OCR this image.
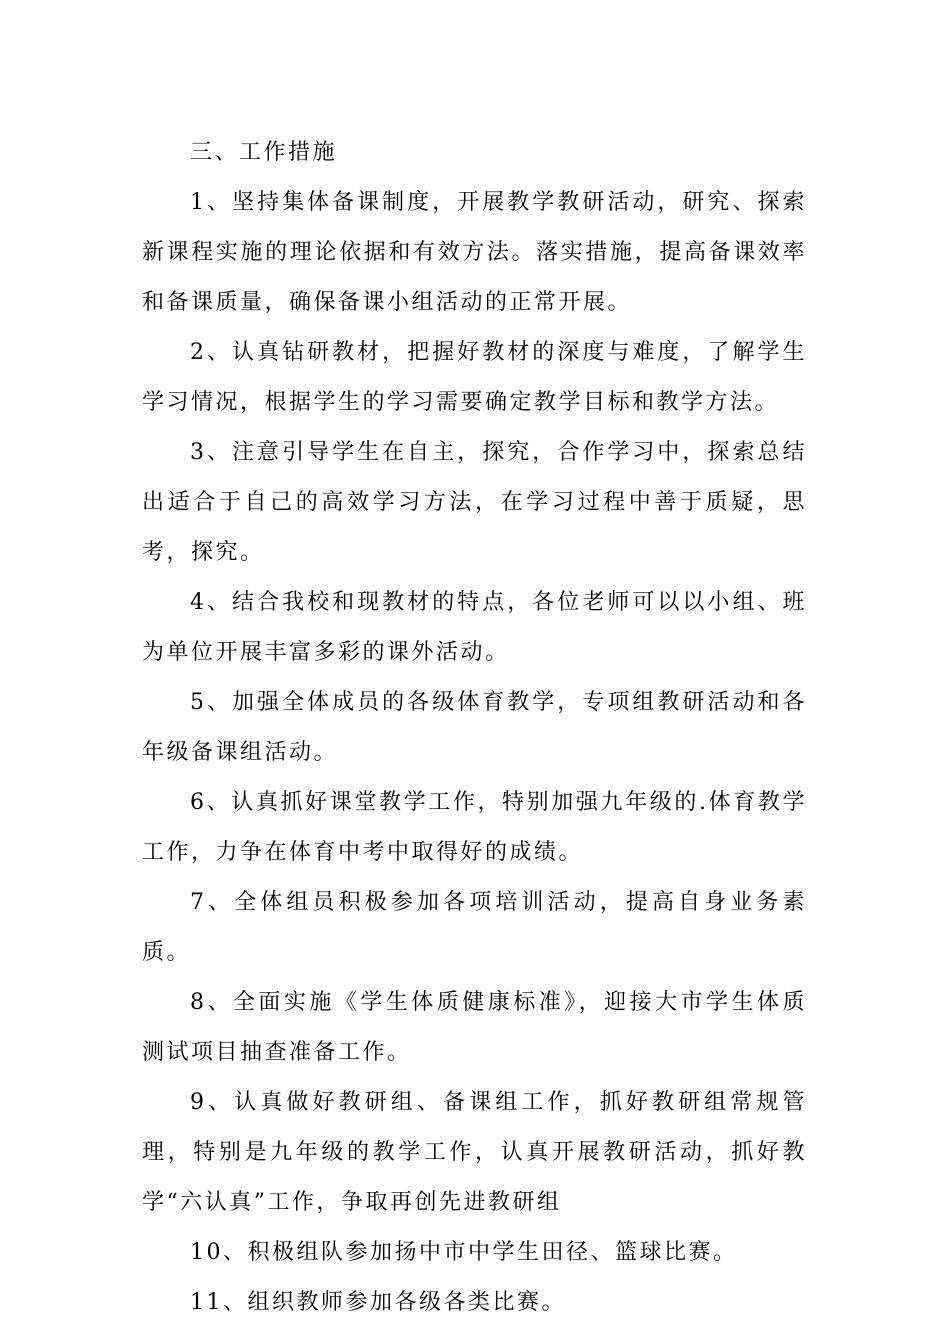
三、工作措施

1、坚持集体备课制度，开展教学教研活动，研究、探索新课程实施的理论依据和有效方法。落实措施，提高备课效率和备课质量，确保备课小组活动的正常开展。

2、认真钻研教材，把握好教材的深度与难度，了解学生学习情况，根据学生的学习需要确定教学目标和教学方法。

3、注意引导学生在自主，探究，合作学习中，探索总结出适合于自己的高效学习方法，在学习过程中善于质疑，思考，探究。

4、结合我校和现教材的特点，各位老师可以以小组、班为单位开展丰富多彩的课外活动。

5、加强全体成员的各级体育教学，专项组教研活动和各年级备课组活动。

6、认真抓好课堂教学工作，特别加强九年级的.体育教学工作，力争在体育中考中取得好的成绩。

7、全体组员积极参加各项培训活动，提高自身业务素质。

8、全面实施《学生体质健康标准》，迎接大市学生体质测试项目抽查准备工作。

9、认真做好教研组、备课组工作，抓好教研组常规管理，特别是九年级的教学工作，认真开展教研活动，抓好教学“六认真”工作，争取再创先进教研组

10、积极组队参加扬中市中学生田径、篮球比赛。

11、组织教师参加各级各类比赛。
